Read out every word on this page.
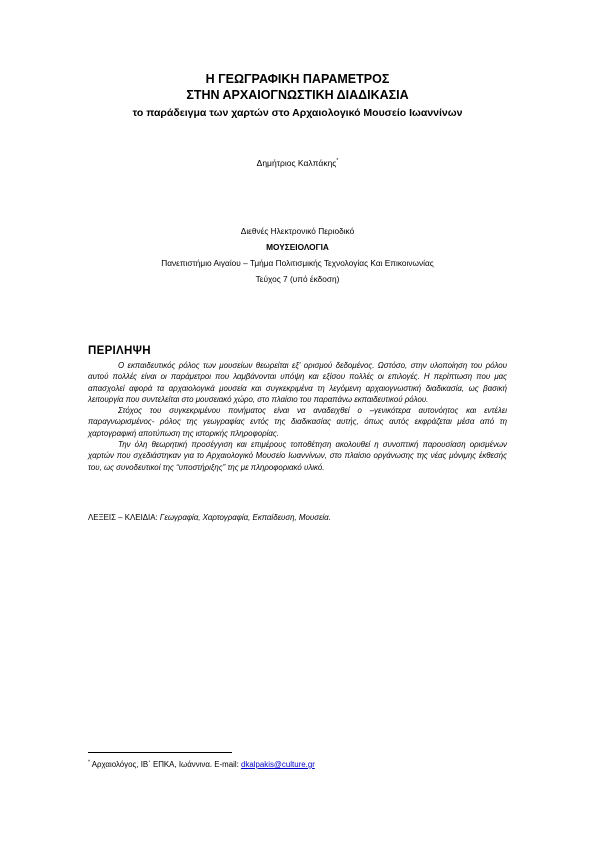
Η ΓΕΩΓΡΑΦΙΚΗ ΠΑΡΑΜΕΤΡΟΣ
ΣΤΗΝ ΑΡΧΑΙΟΓΝΩΣΤΙΚΗ ΔΙΑΔΙΚΑΣΙΑ
το παράδειγμα των χαρτών στο Αρχαιολογικό Μουσείο Ιωαννίνων
Δημήτριος Καλπάκης*
Διεθνές Ηλεκτρονικό Περιοδικό
ΜΟΥΣΕΙΟΛΟΓΙΑ
Πανεπιστήμιο Αιγαίου – Τμήμα Πολιτισμικής Τεχνολογίας Και Επικοινωνίας
Τεύχος 7 (υπό έκδοση)
ΠΕΡΙΛΗΨΗ

Ο εκπαιδευτικός ρόλος των μουσείων θεωρείται εξ' ορισμού δεδομένος. Ωστόσο, στην υλοποίηση του ρόλου αυτού πολλές είναι οι παράμετροι που λαμβάνονται υπόψη και εξίσου πολλές οι επιλογές. Η περίπτωση που μας απασχολεί αφορά τα αρχαιολογικά μουσεία και συγκεκριμένα τη λεγόμενη αρχαιογνωστική διαδικασία, ως βασική λειτουργία που συντελείται στο μουσειακό χώρο, στο πλαίσιο του παραπάνω εκπαιδευτικού ρόλου.

Στόχος του συγκεκριμένου πονήματος είναι να αναδειχθεί ο –γενικότερα αυτονόητος και εντέλει παραγνωρισμένος- ρόλος της γεωγραφίας εντός της διαδικασίας αυτής, όπως αυτός εκφράζεται μέσα από τη χαρτογραφική αποτύπωση της ιστορικής πληροφορίας.

Την όλη θεωρητική προσέγγιση και επιμέρους τοποθέτηση ακολουθεί η συνοπτική παρουσίαση ορισμένων χαρτών που σχεδιάστηκαν για το Αρχαιολογικό Μουσείο Ιωαννίνων, στο πλαίσιο οργάνωσης της νέας μόνιμης έκθεσής του, ως συνοδευτικοί της “υποστήριξης” της με πληροφοριακό υλικό.

ΛΕΞΕΙΣ – ΚΛΕΙΔΙΑ: Γεωγραφία, Χαρτογραφία, Εκπαίδευση, Μουσεία.
* Αρχαιολόγος, ΙΒ΄ ΕΠΚΑ, Ιωάννινα. E-mail: dkalpakis@culture.gr
